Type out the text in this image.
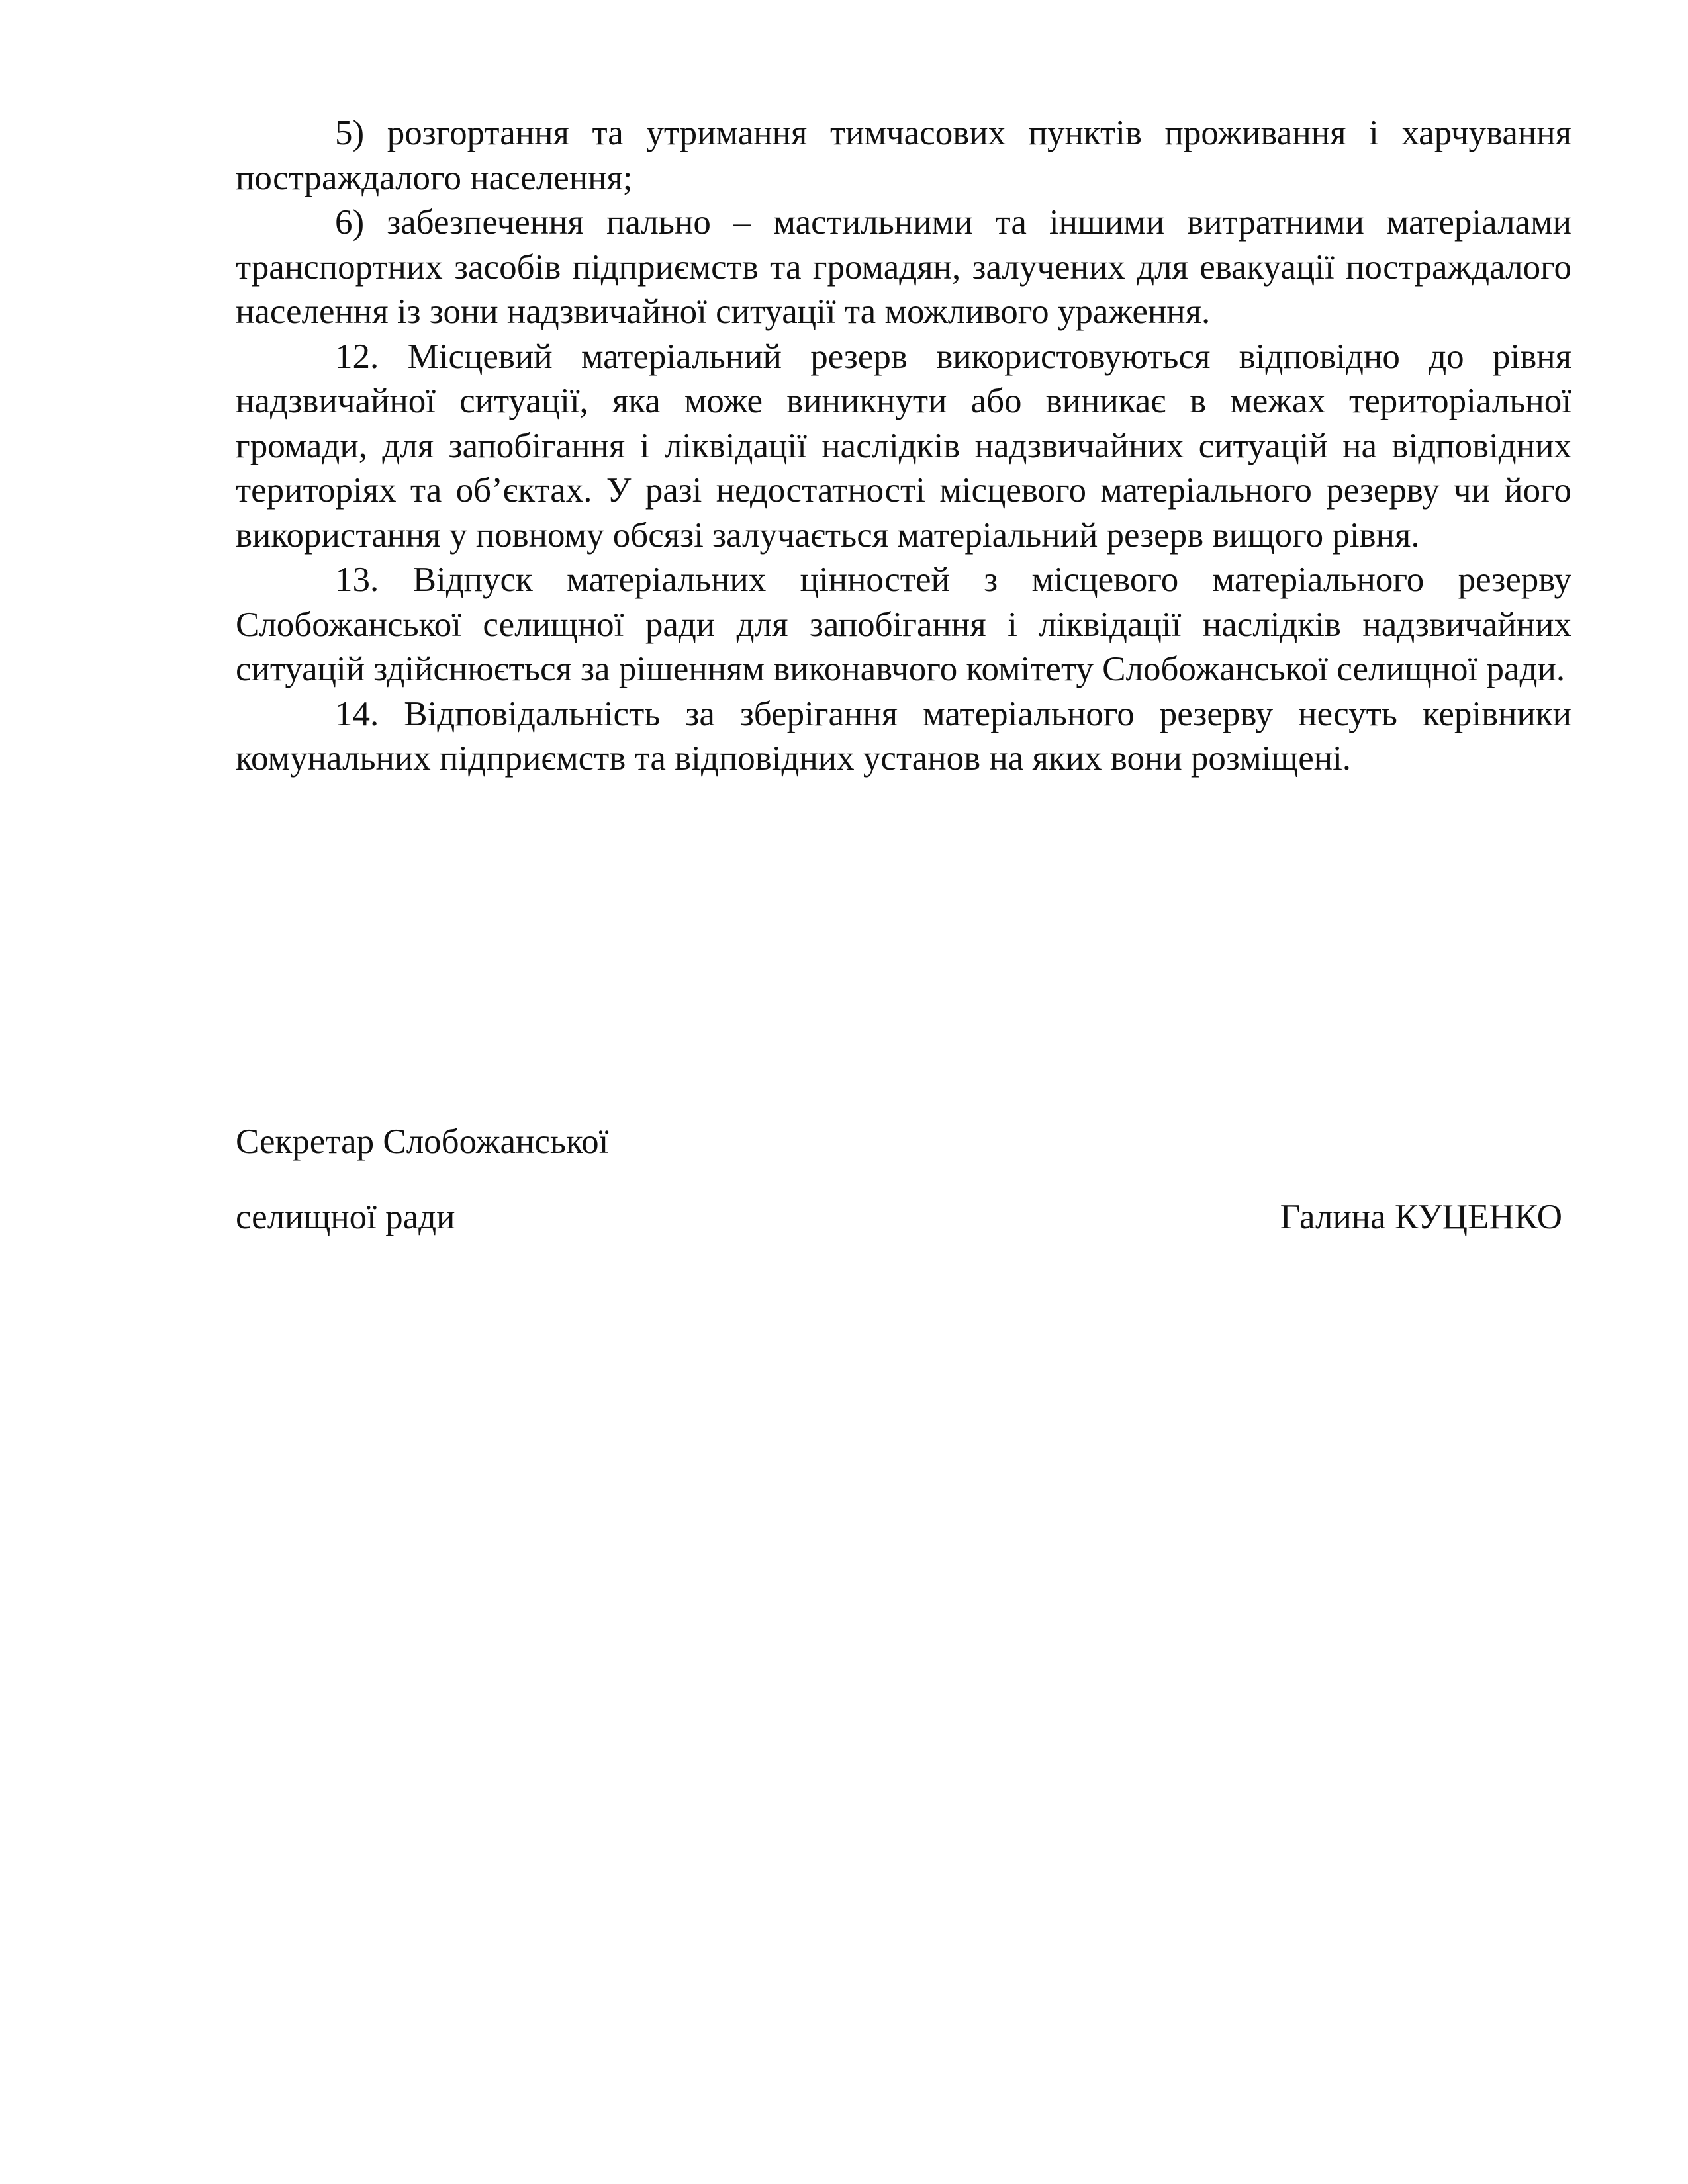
5) розгортання та утримання тимчасових пунктів проживання і харчування постраждалого населення;

6) забезпечення пально – мастильними та іншими витратними матеріалами транспортних засобів підприємств та громадян, залучених для евакуації постраждалого населення із зони надзвичайної ситуації та можливого ураження.

12. Місцевий матеріальний резерв використовуються відповідно до рівня надзвичайної ситуації, яка може виникнути або виникає в межах територіальної громади, для запобігання і ліквідації наслідків надзвичайних ситуацій на відповідних територіях та об’єктах. У разі недостатності місцевого матеріального резерву чи його використання у повному обсязі залучається матеріальний резерв вищого рівня.

13. Відпуск матеріальних цінностей з місцевого матеріального резерву Слобожанської селищної ради для запобігання і ліквідації наслідків надзвичайних ситуацій здійснюється за рішенням виконавчого комітету Слобожанської селищної ради.

14. Відповідальність за зберігання матеріального резерву несуть керівники комунальних підприємств та відповідних установ на яких вони розміщені.

Секретар Слобожанської
селищної ради	Галина КУЦЕНКО
